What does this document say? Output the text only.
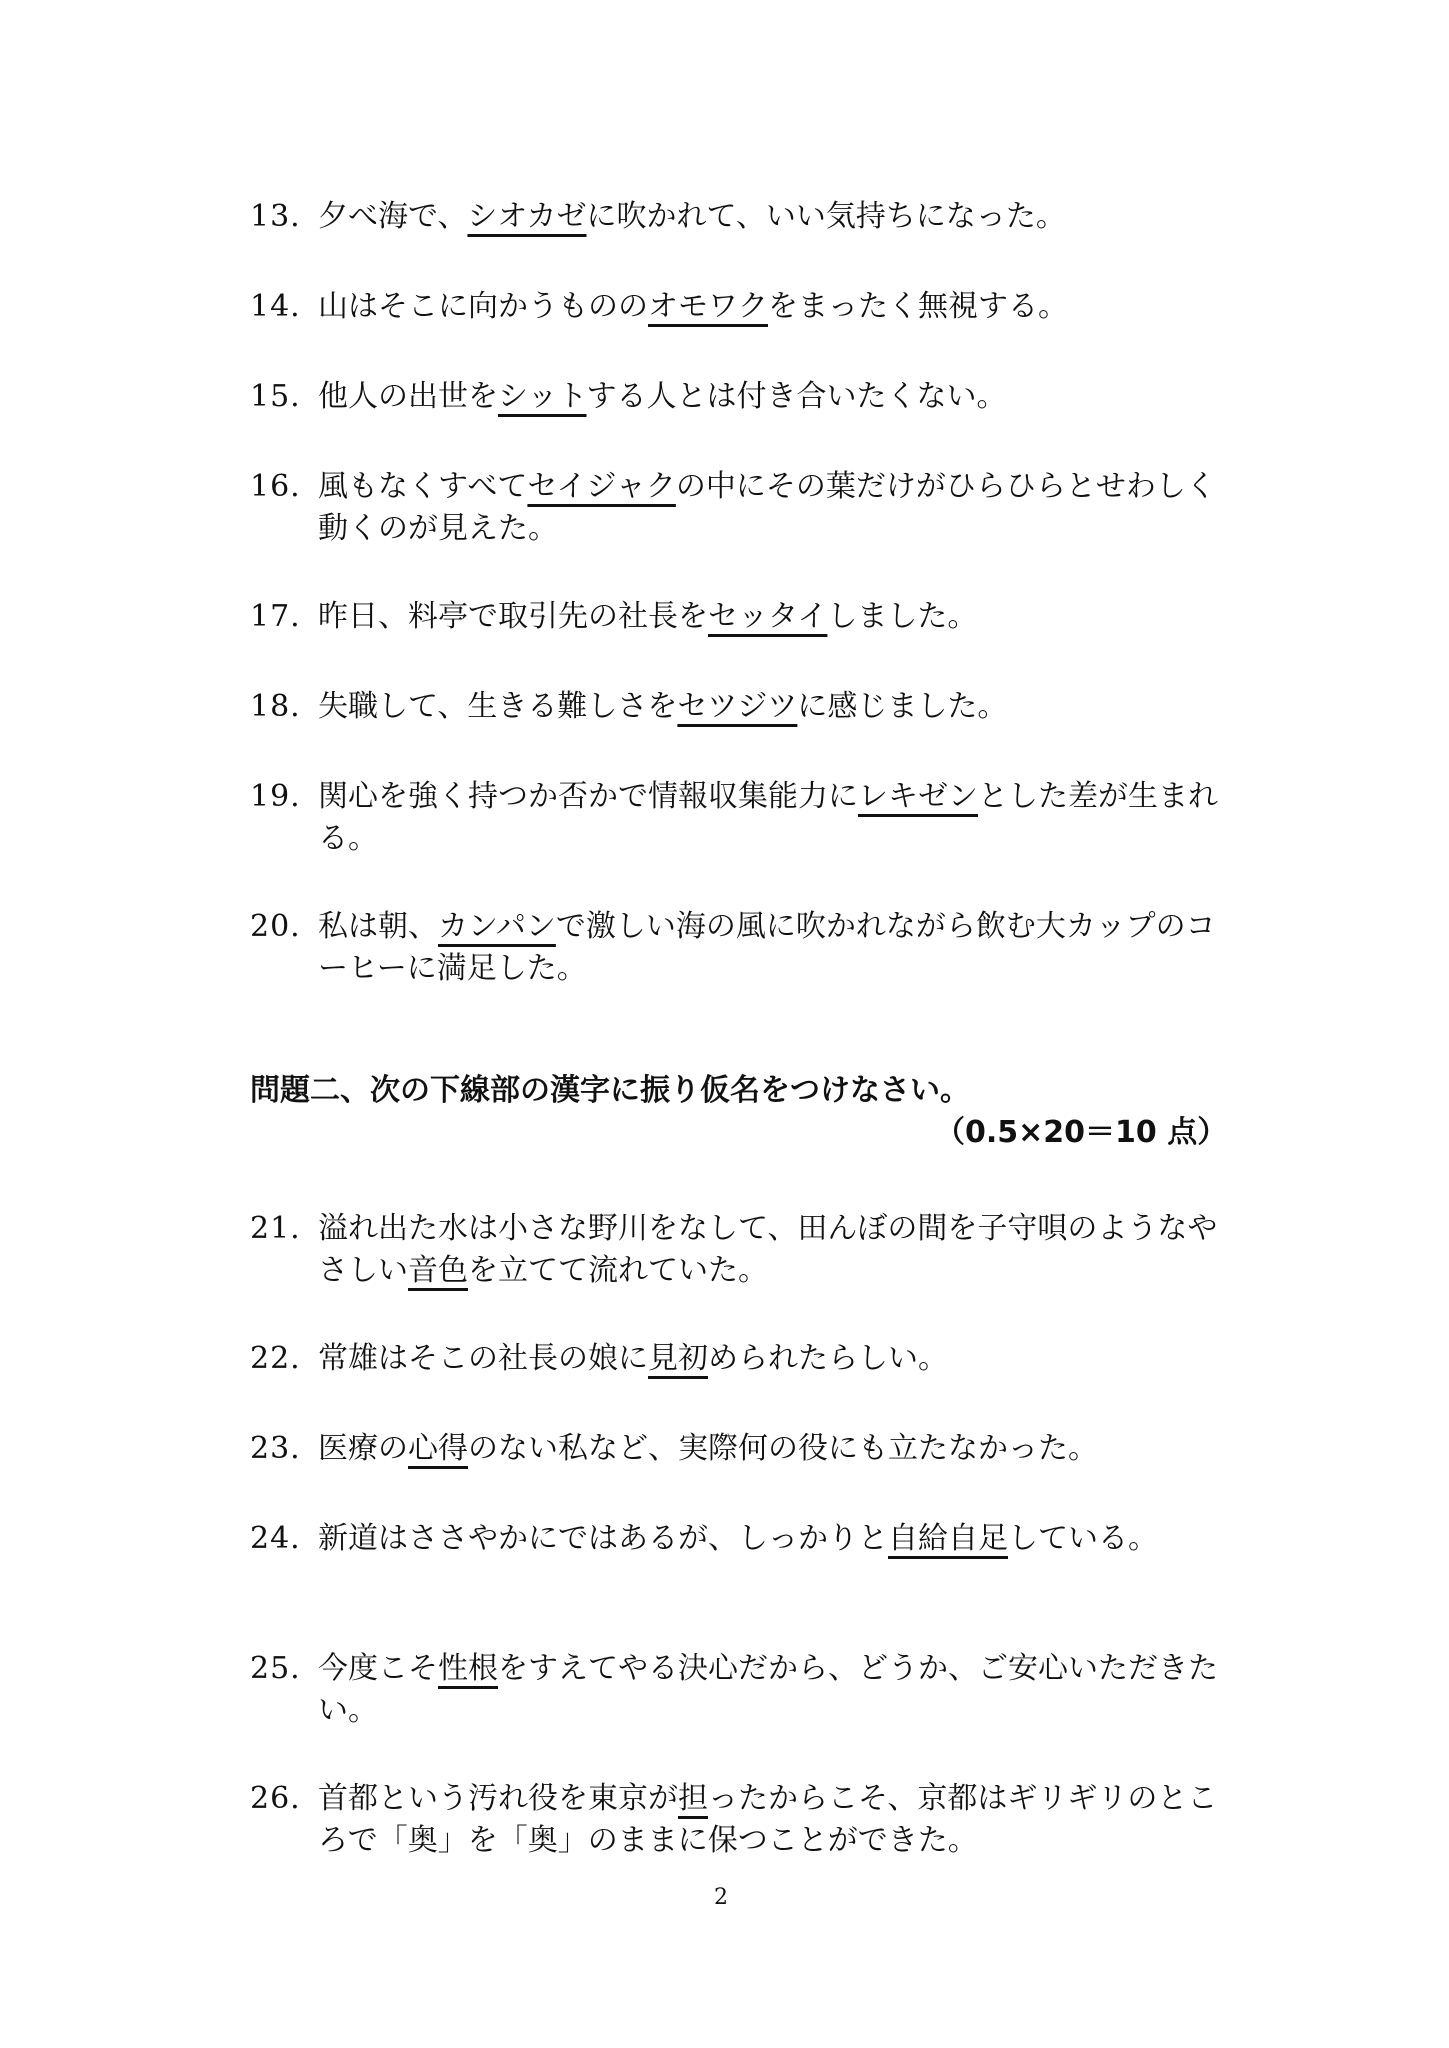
13. 夕べ海で、シオカゼに吹かれて、いい気持ちになった。
14. 山はそこに向かうもののオモワクをまったく無視する。
15. 他人の出世をシットする人とは付き合いたくない。
16. 風もなくすべてセイジャクの中にその葉だけがひらひらとせわしく動くのが見えた。
17. 昨日、料亭で取引先の社長をセッタイしました。
18. 失職して、生きる難しさをセツジツに感じました。
19. 関心を強く持つか否かで情報収集能力にレキゼンとした差が生まれる。
20. 私は朝、カンパンで激しい海の風に吹かれながら飲む大カップのコーヒーに満足した。
問題二、次の下線部の漢字に振り仮名をつけなさい。
（0.5×20＝10 点）
21. 溢れ出た水は小さな野川をなして、田んぼの間を子守唄のようなやさしい音色を立てて流れていた。
22. 常雄はそこの社長の娘に見初められたらしい。
23. 医療の心得のない私など、実際何の役にも立たなかった。
24. 新道はささやかにではあるが、しっかりと自給自足している。
25. 今度こそ性根をすえてやる決心だから、どうか、ご安心いただきたい。
26. 首都という汚れ役を東京が担ったからこそ、京都はギリギリのところで「奥」を「奥」のままに保つことができた。
2
